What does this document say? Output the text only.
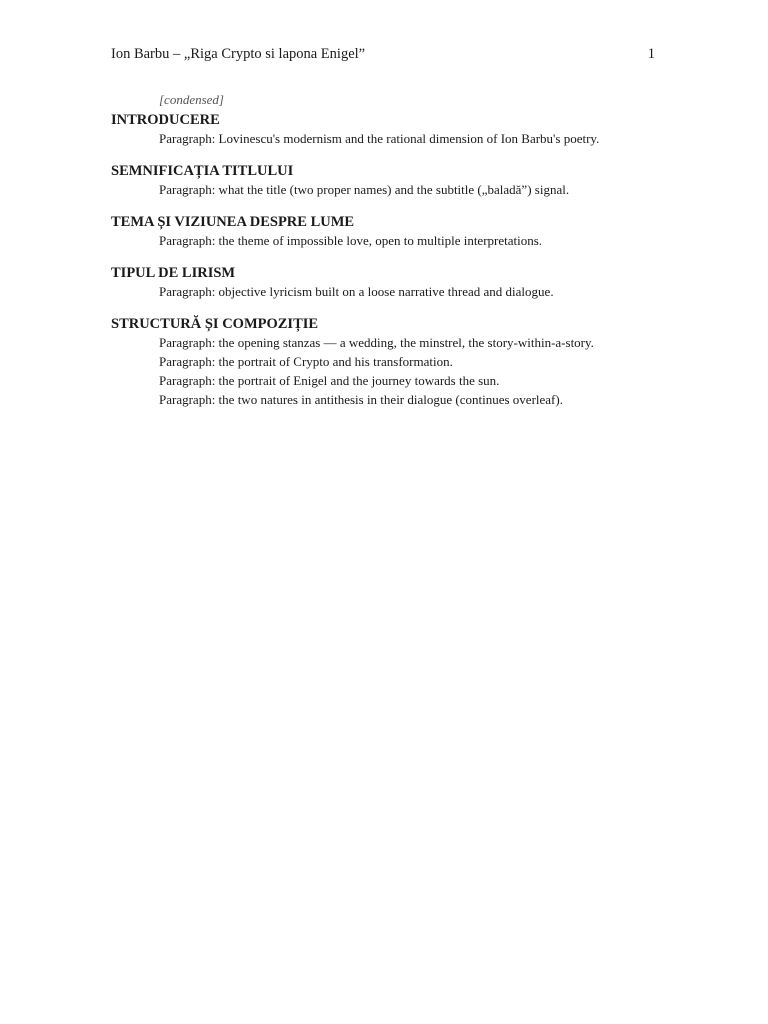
Ion Barbu – „Riga Crypto si lapona Enigel”	1
[condensed]
INTRODUCERE
Paragraph: Lovinescu's modernism and the rational dimension of Ion Barbu's poetry.
SEMNIFICAȚIA TITLULUI
Paragraph: what the title (two proper names) and the subtitle („baladă”) signal.
TEMA ȘI VIZIUNEA DESPRE LUME
Paragraph: the theme of impossible love, open to multiple interpretations.
TIPUL DE LIRISM
Paragraph: objective lyricism built on a loose narrative thread and dialogue.
STRUCTURĂ ȘI COMPOZIȚIE
Paragraph: the opening stanzas — a wedding, the minstrel, the story-within-a-story.
Paragraph: the portrait of Crypto and his transformation.
Paragraph: the portrait of Enigel and the journey towards the sun.
Paragraph: the two natures in antithesis in their dialogue (continues overleaf).
